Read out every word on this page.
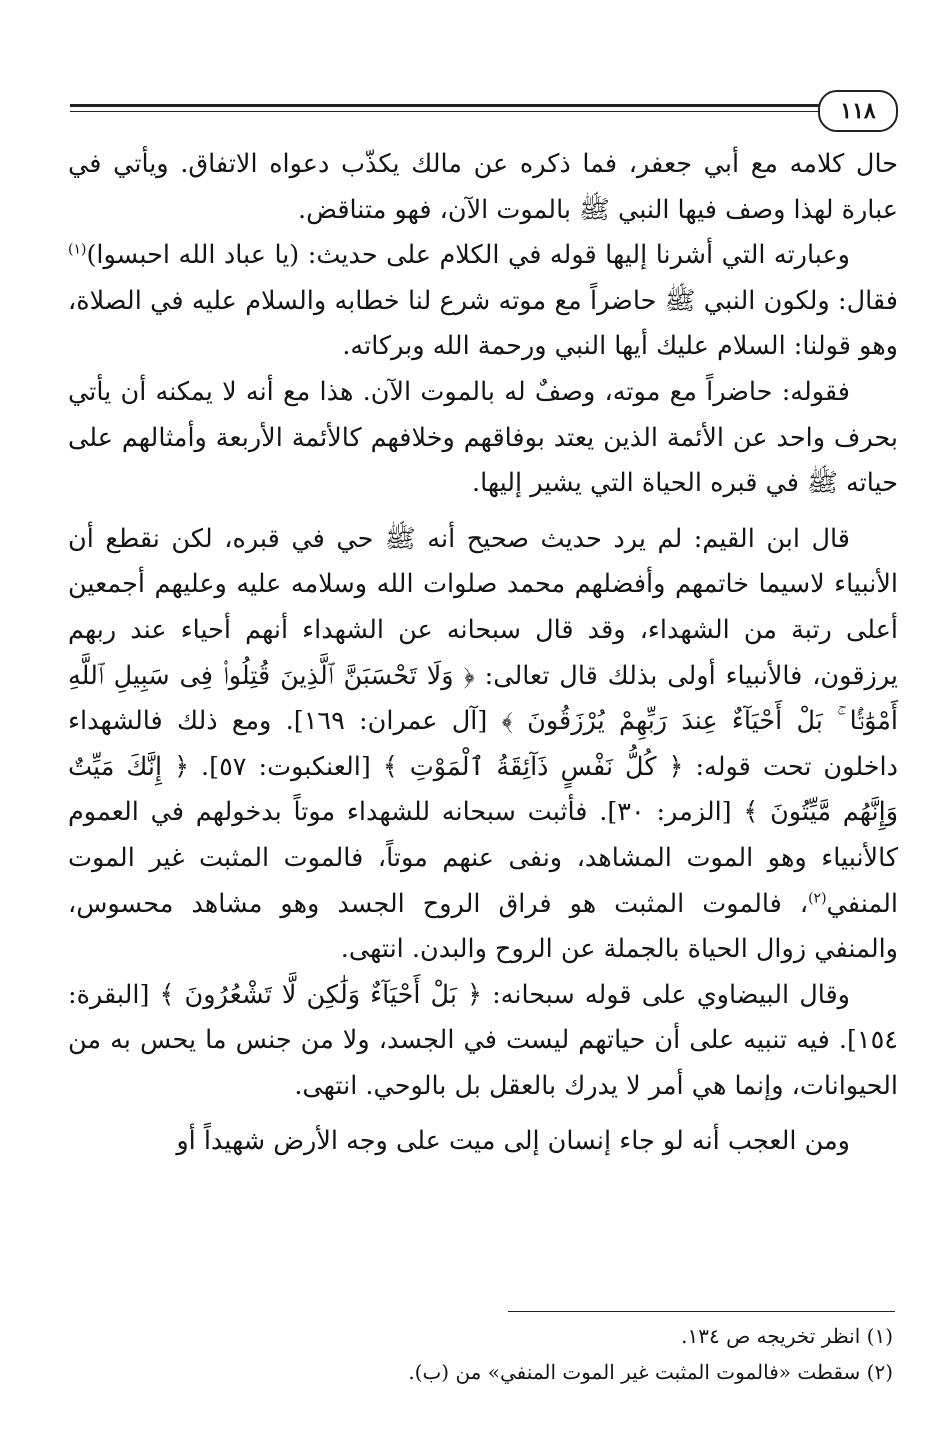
١١٨

حال كلامه مع أبي جعفر، فما ذكره عن مالك يكذّب دعواه الاتفاق. ويأتي في عبارة لهذا وصف فيها النبي ﷺ بالموت الآن، فهو متناقض.

وعبارته التي أشرنا إليها قوله في الكلام على حديث: (يا عباد الله احبسوا)$^{(١)}$ فقال: ولكون النبي ﷺ حاضراً مع موته شرع لنا خطابه والسلام عليه في الصلاة، وهو قولنا: السلام عليك أيها النبي ورحمة الله وبركاته.

فقوله: حاضراً مع موته، وصفٌ له بالموت الآن. هذا مع أنه لا يمكنه أن يأتي بحرف واحد عن الأئمة الذين يعتد بوفاقهم وخلافهم كالأئمة الأربعة وأمثالهم على حياته ﷺ في قبره الحياة التي يشير إليها.

قال ابن القيم: لم يرد حديث صحيح أنه ﷺ حي في قبره، لكن نقطع أن الأنبياء لاسيما خاتمهم وأفضلهم محمد صلوات الله وسلامه عليه وعليهم أجمعين أعلى رتبة من الشهداء، وقد قال سبحانه عن الشهداء أنهم أحياء عند ربهم يرزقون، فالأنبياء أولى بذلك قال تعالى: ﴿ وَلَا تَحْسَبَنَّ ٱلَّذِينَ قُتِلُوا۟ فِى سَبِيلِ ٱللَّهِ أَمْوَٰتًۢا ۚ بَلْ أَحْيَآءٌ عِندَ رَبِّهِمْ يُرْزَقُونَ ﴾ [آل عمران: ١٦٩]. ومع ذلك فالشهداء داخلون تحت قوله: ﴿ كُلُّ نَفْسٍ ذَآئِقَةُ ٱلْمَوْتِ ﴾ [العنكبوت: ٥٧]. ﴿ إِنَّكَ مَيِّتٌ وَإِنَّهُم مَّيِّتُونَ ﴾ [الزمر: ٣٠]. فأثبت سبحانه للشهداء موتاً بدخولهم في العموم كالأنبياء وهو الموت المشاهد، ونفى عنهم موتاً، فالموت المثبت غير الموت المنفي$^{(٢)}$، فالموت المثبت هو فراق الروح الجسد وهو مشاهد محسوس، والمنفي زوال الحياة بالجملة عن الروح والبدن. انتهى.

وقال البيضاوي على قوله سبحانه: ﴿ بَلْ أَحْيَآءٌ وَلَٰكِن لَّا تَشْعُرُونَ ﴾ [البقرة: ١٥٤]. فيه تنبيه على أن حياتهم ليست في الجسد، ولا من جنس ما يحس به من الحيوانات، وإنما هي أمر لا يدرك بالعقل بل بالوحي. انتهى.

ومن العجب أنه لو جاء إنسان إلى ميت على وجه الأرض شهيداً أو

(١) انظر تخريجه ص ١٣٤.

(٢) سقطت «فالموت المثبت غير الموت المنفي» من (ب).
